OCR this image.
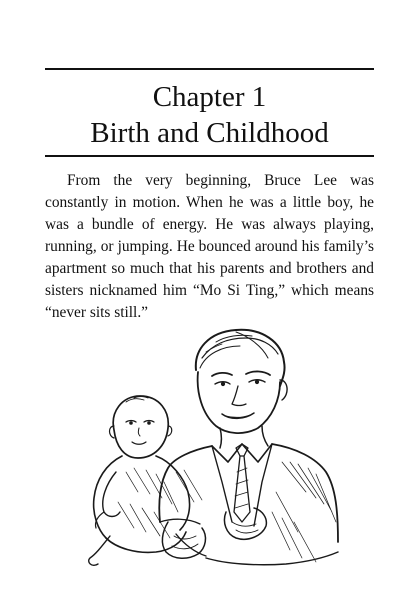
Chapter 1
Birth and Childhood

From the very beginning, Bruce Lee was constantly in motion. When he was a little boy, he was a bundle of energy. He was always playing, running, or jumping. He bounced around his family’s apartment so much that his parents and brothers and sisters nicknamed him “Mo Si Ting,” which means “never sits still.”
